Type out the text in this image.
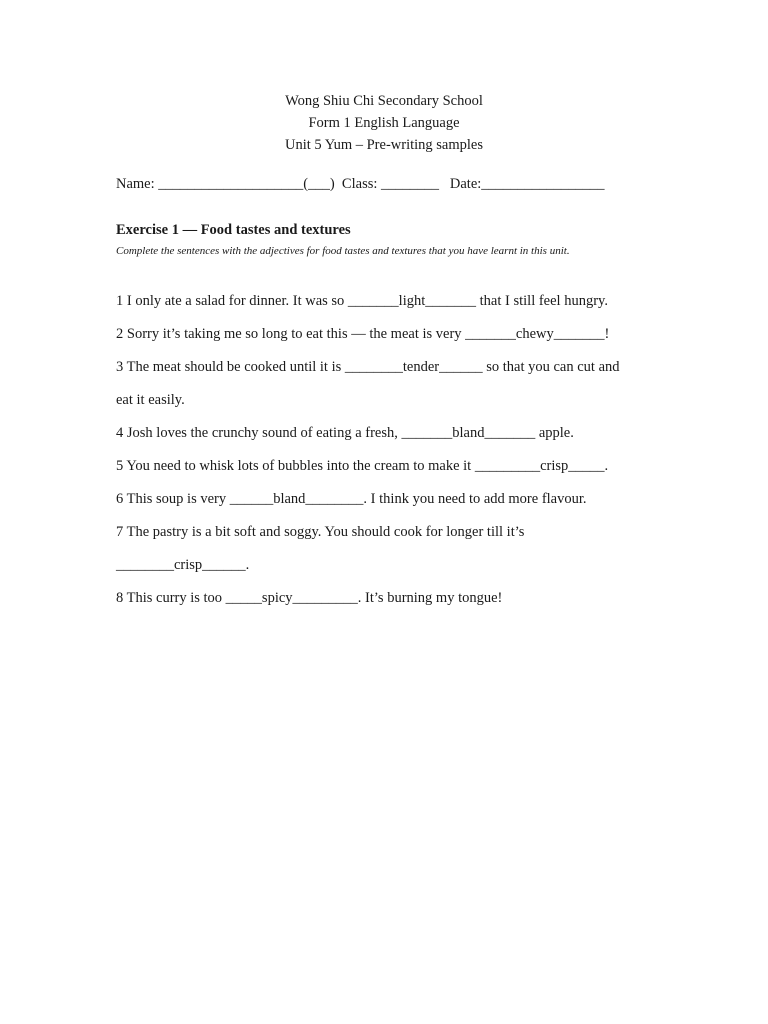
Wong Shiu Chi Secondary School
Form 1 English Language
Unit 5 Yum – Pre-writing samples
Name: ____________________(___)  Class: ________   Date:_________________
Exercise 1 — Food tastes and textures
Complete the sentences with the adjectives for food tastes and textures that you have learnt in this unit.
1 I only ate a salad for dinner. It was so _______light_______ that I still feel hungry.
2 Sorry it’s taking me so long to eat this — the meat is very _______chewy_______!
3 The meat should be cooked until it is ________tender______ so that you can cut and
eat it easily.
4 Josh loves the crunchy sound of eating a fresh, _______bland_______ apple.
5 You need to whisk lots of bubbles into the cream to make it _________crisp_____.
6 This soup is very ______bland________. I think you need to add more flavour.
7 The pastry is a bit soft and soggy. You should cook for longer till it’s
________crisp______.
8 This curry is too _____spicy_________. It’s burning my tongue!
